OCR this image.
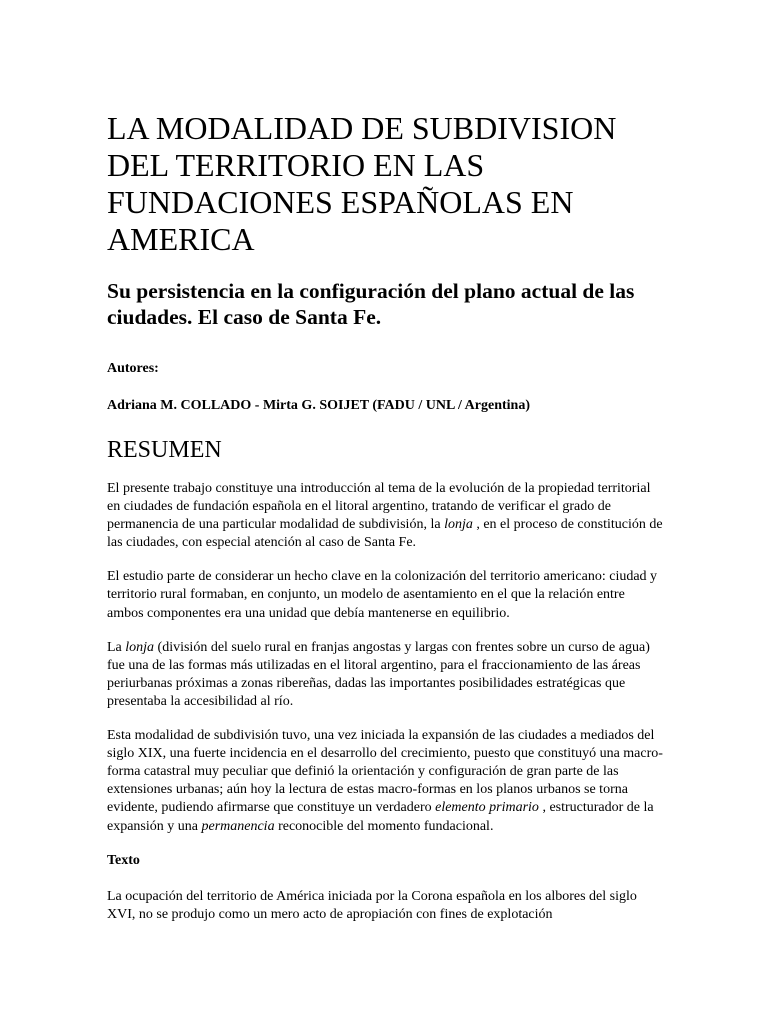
LA MODALIDAD DE SUBDIVISION DEL TERRITORIO EN LAS FUNDACIONES ESPAÑOLAS EN AMERICA
Su persistencia en la configuración del plano actual de las ciudades. El caso de Santa Fe.

Autores:

Adriana M. COLLADO - Mirta G. SOIJET (FADU / UNL / Argentina)

RESUMEN

El presente trabajo constituye una introducción al tema de la evolución de la propiedad territorial en ciudades de fundación española en el litoral argentino, tratando de verificar el grado de permanencia de una particular modalidad de subdivisión, la lonja , en el proceso de constitución de las ciudades, con especial atención al caso de Santa Fe.

El estudio parte de considerar un hecho clave en la colonización del territorio americano: ciudad y territorio rural formaban, en conjunto, un modelo de asentamiento en el que la relación entre ambos componentes era una unidad que debía mantenerse en equilibrio.

La lonja (división del suelo rural en franjas angostas y largas con frentes sobre un curso de agua) fue una de las formas más utilizadas en el litoral argentino, para el fraccionamiento de las áreas periurbanas próximas a zonas ribereñas, dadas las importantes posibilidades estratégicas que presentaba la accesibilidad al río.

Esta modalidad de subdivisión tuvo, una vez iniciada la expansión de las ciudades a mediados del siglo XIX, una fuerte incidencia en el desarrollo del crecimiento, puesto que constituyó una macro-forma catastral muy peculiar que definió la orientación y configuración de gran parte de las extensiones urbanas; aún hoy la lectura de estas macro-formas en los planos urbanos se torna evidente, pudiendo afirmarse que constituye un verdadero elemento primario , estructurador de la expansión y una permanencia reconocible del momento fundacional.

Texto

La ocupación del territorio de América iniciada por la Corona española en los albores del siglo XVI, no se produjo como un mero acto de apropiación con fines de explotación
